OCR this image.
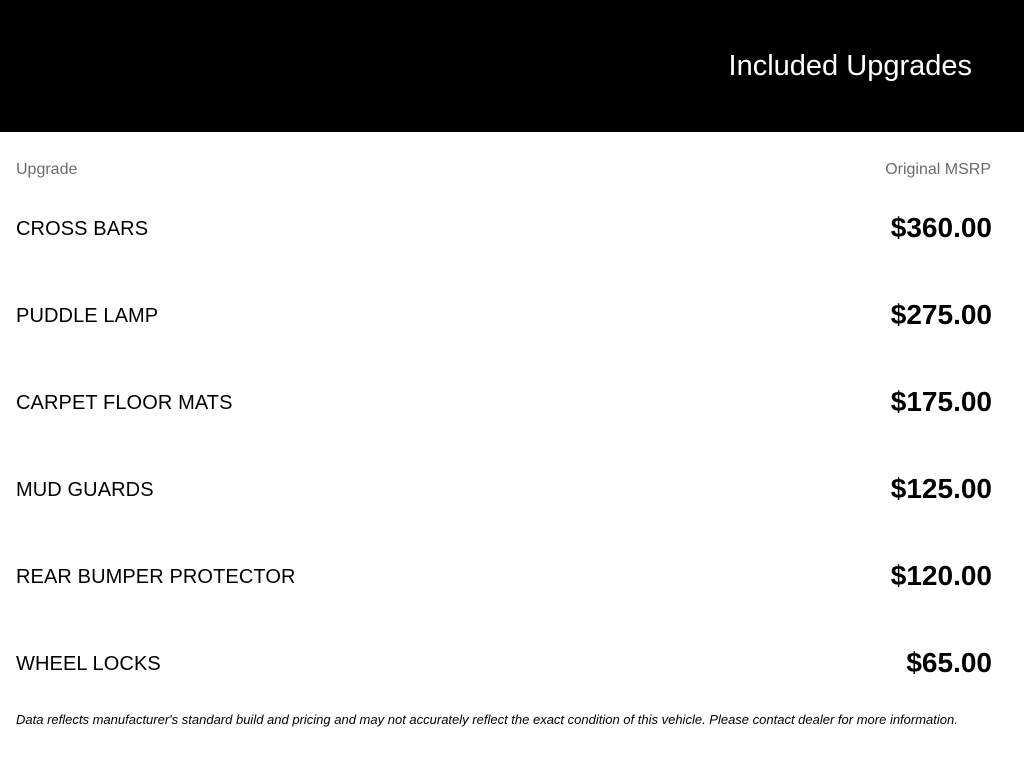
Included Upgrades
Upgrade	Original MSRP
CROSS BARS	$360.00
PUDDLE LAMP	$275.00
CARPET FLOOR MATS	$175.00
MUD GUARDS	$125.00
REAR BUMPER PROTECTOR	$120.00
WHEEL LOCKS	$65.00
Data reflects manufacturer's standard build and pricing and may not accurately reflect the exact condition of this vehicle. Please contact dealer for more information.
